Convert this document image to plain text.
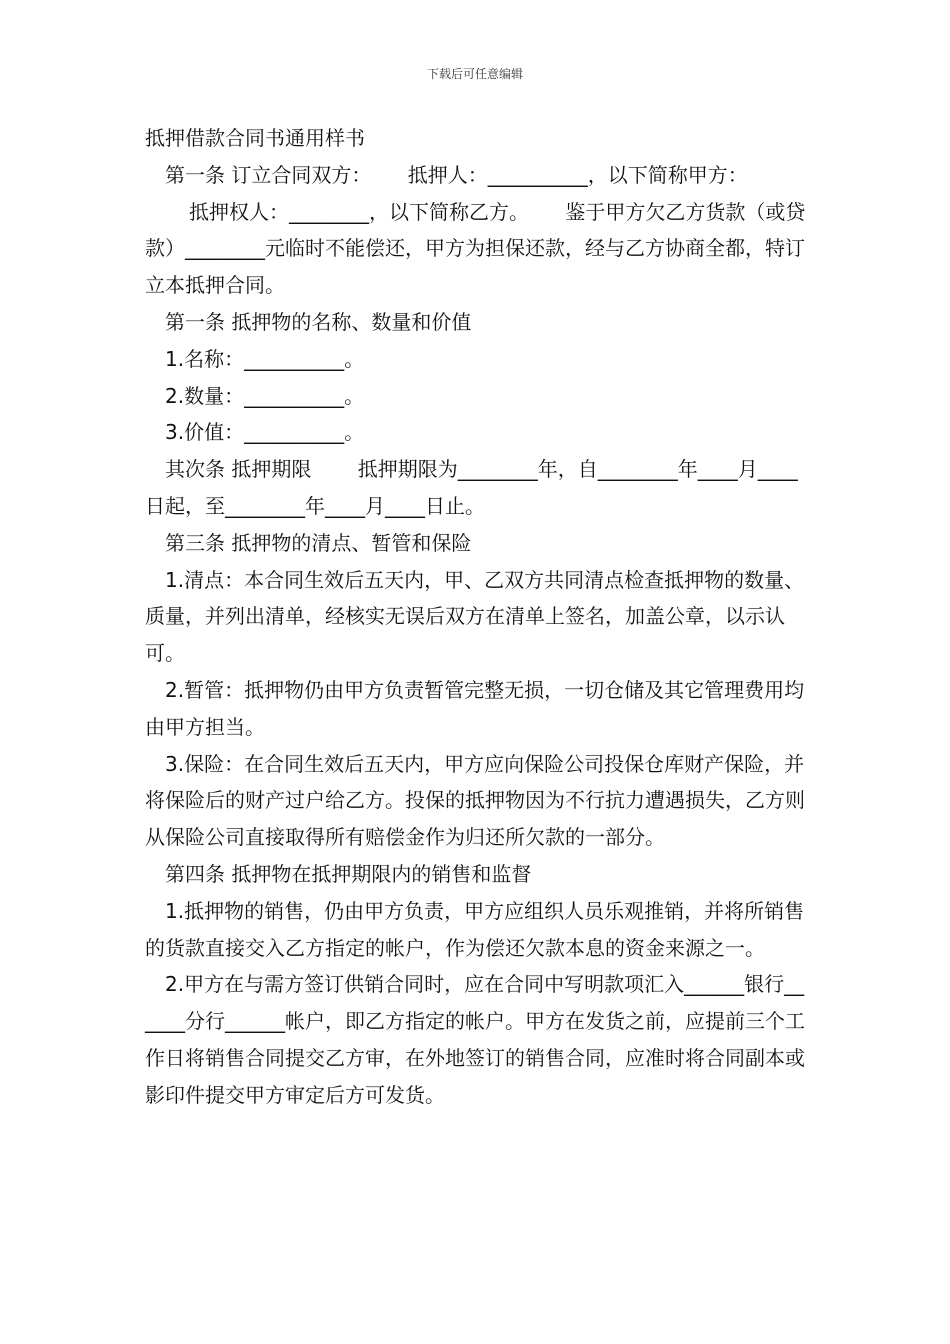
下载后可任意编辑
抵押借款合同书通用样书

第一条 订立合同双方：　　 抵押人：__________，以下简称甲方：

抵押权人：________，以下简称乙方。　　 鉴于甲方欠乙方货款（或贷款）________元临时不能偿还，甲方为担保还款，经与乙方协商全都，特订立本抵押合同。

第一条 抵押物的名称、数量和价值

1.名称：__________。

2.数量：__________。

3.价值：__________。

其次条 抵押期限　　 抵押期限为________年，自________年____月____日起，至________年____月____日止。

第三条 抵押物的清点、暂管和保险

1.清点：本合同生效后五天内，甲、乙双方共同清点检查抵押物的数量、质量，并列出清单，经核实无误后双方在清单上签名，加盖公章，以示认可。

2.暂管：抵押物仍由甲方负责暂管完整无损，一切仓储及其它管理费用均由甲方担当。

3.保险：在合同生效后五天内，甲方应向保险公司投保仓库财产保险，并将保险后的财产过户给乙方。投保的抵押物因为不行抗力遭遇损失，乙方则从保险公司直接取得所有赔偿金作为归还所欠款的一部分。

第四条 抵押物在抵押期限内的销售和监督

1.抵押物的销售，仍由甲方负责，甲方应组织人员乐观推销，并将所销售的货款直接交入乙方指定的帐户，作为偿还欠款本息的资金来源之一。

2.甲方在与需方签订供销合同时，应在合同中写明款项汇入______银行______分行______帐户，即乙方指定的帐户。甲方在发货之前，应提前三个工作日将销售合同提交乙方审，在外地签订的销售合同，应准时将合同副本或影印件提交甲方审定后方可发货。
